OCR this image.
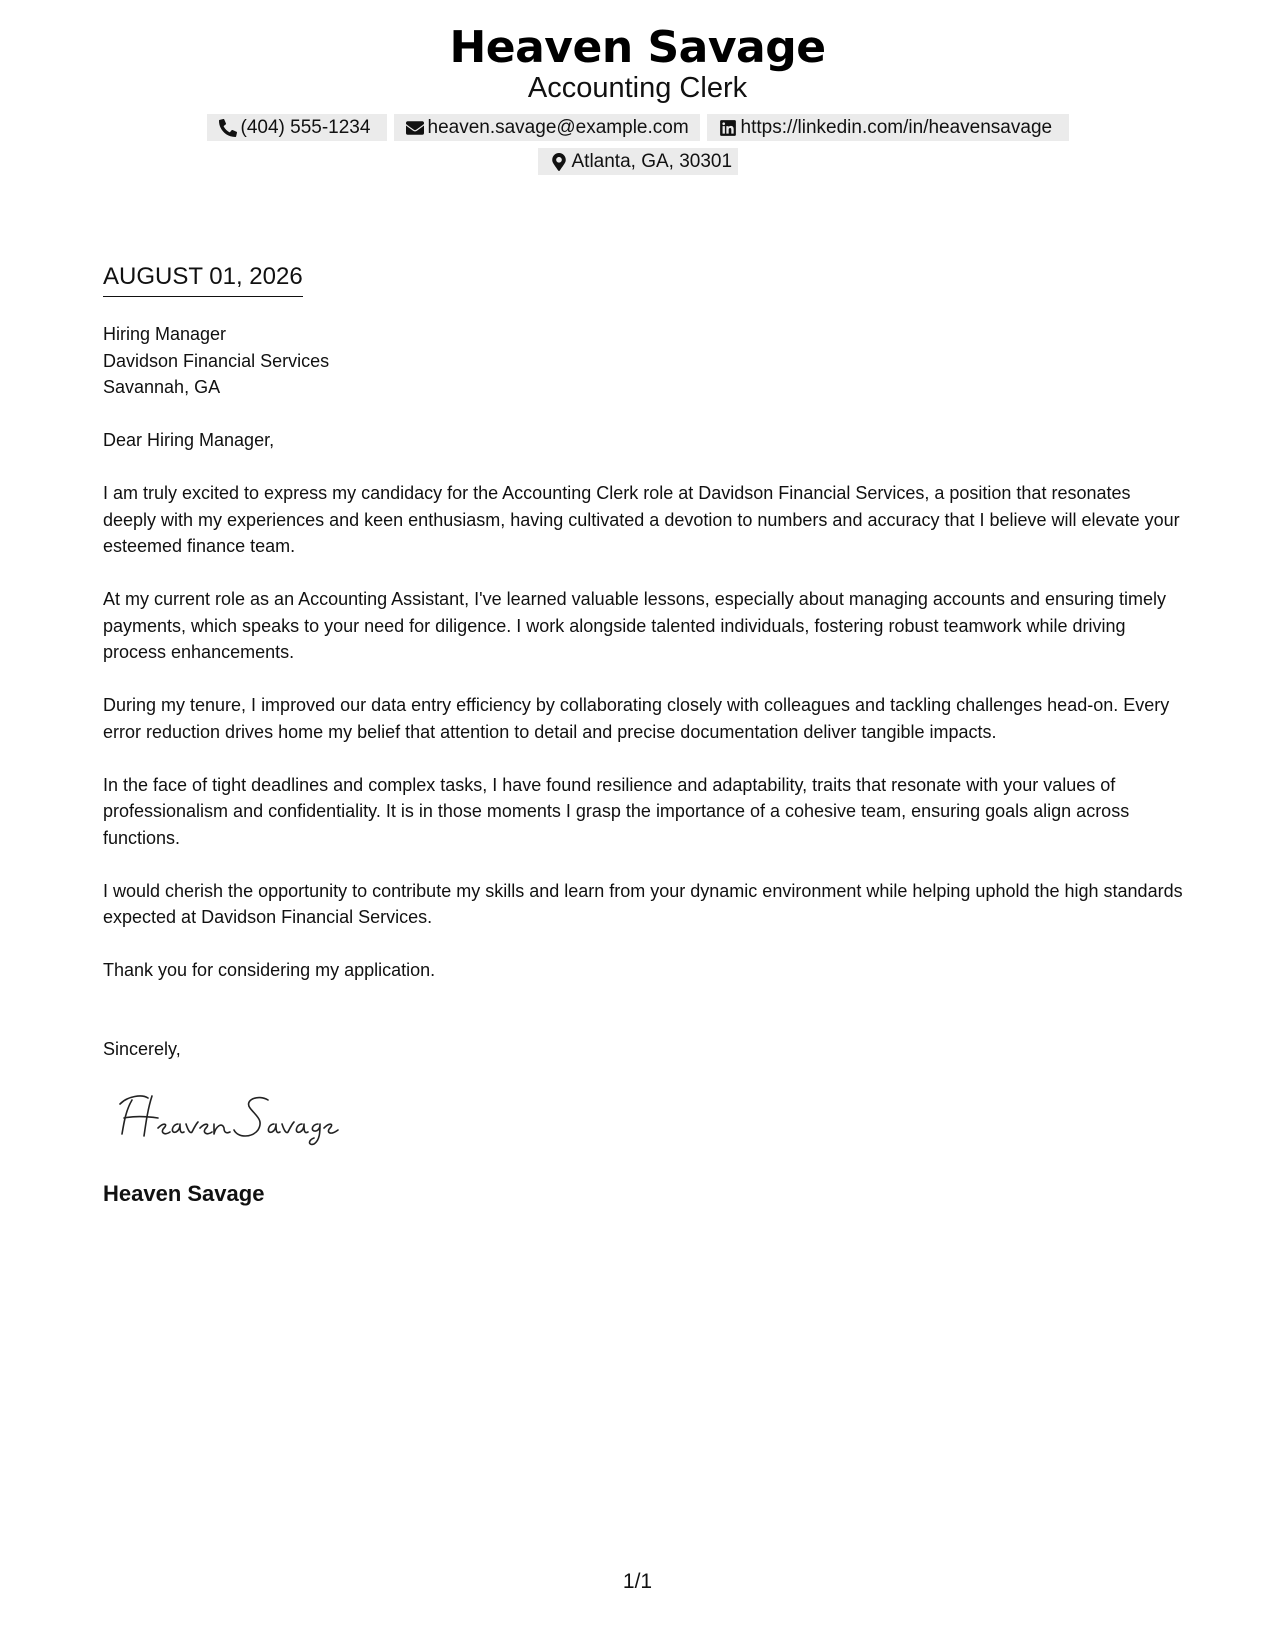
Heaven Savage
Accounting Clerk
(404) 555-1234	heaven.savage@example.com	https://linkedin.com/in/heavensavage
Atlanta, GA, 30301
AUGUST 01, 2026
Hiring Manager
Davidson Financial Services
Savannah, GA

Dear Hiring Manager,

I am truly excited to express my candidacy for the Accounting Clerk role at Davidson Financial Services, a position that resonates deeply with my experiences and keen enthusiasm, having cultivated a devotion to numbers and accuracy that I believe will elevate your esteemed finance team.

At my current role as an Accounting Assistant, I've learned valuable lessons, especially about managing accounts and ensuring timely payments, which speaks to your need for diligence. I work alongside talented individuals, fostering robust teamwork while driving process enhancements.

During my tenure, I improved our data entry efficiency by collaborating closely with colleagues and tackling challenges head-on. Every error reduction drives home my belief that attention to detail and precise documentation deliver tangible impacts.

In the face of tight deadlines and complex tasks, I have found resilience and adaptability, traits that resonate with your values of professionalism and confidentiality. It is in those moments I grasp the importance of a cohesive team, ensuring goals align across functions.

I would cherish the opportunity to contribute my skills and learn from your dynamic environment while helping uphold the high standards expected at Davidson Financial Services.

Thank you for considering my application.

Sincerely,
Heaven Savage
1/1
